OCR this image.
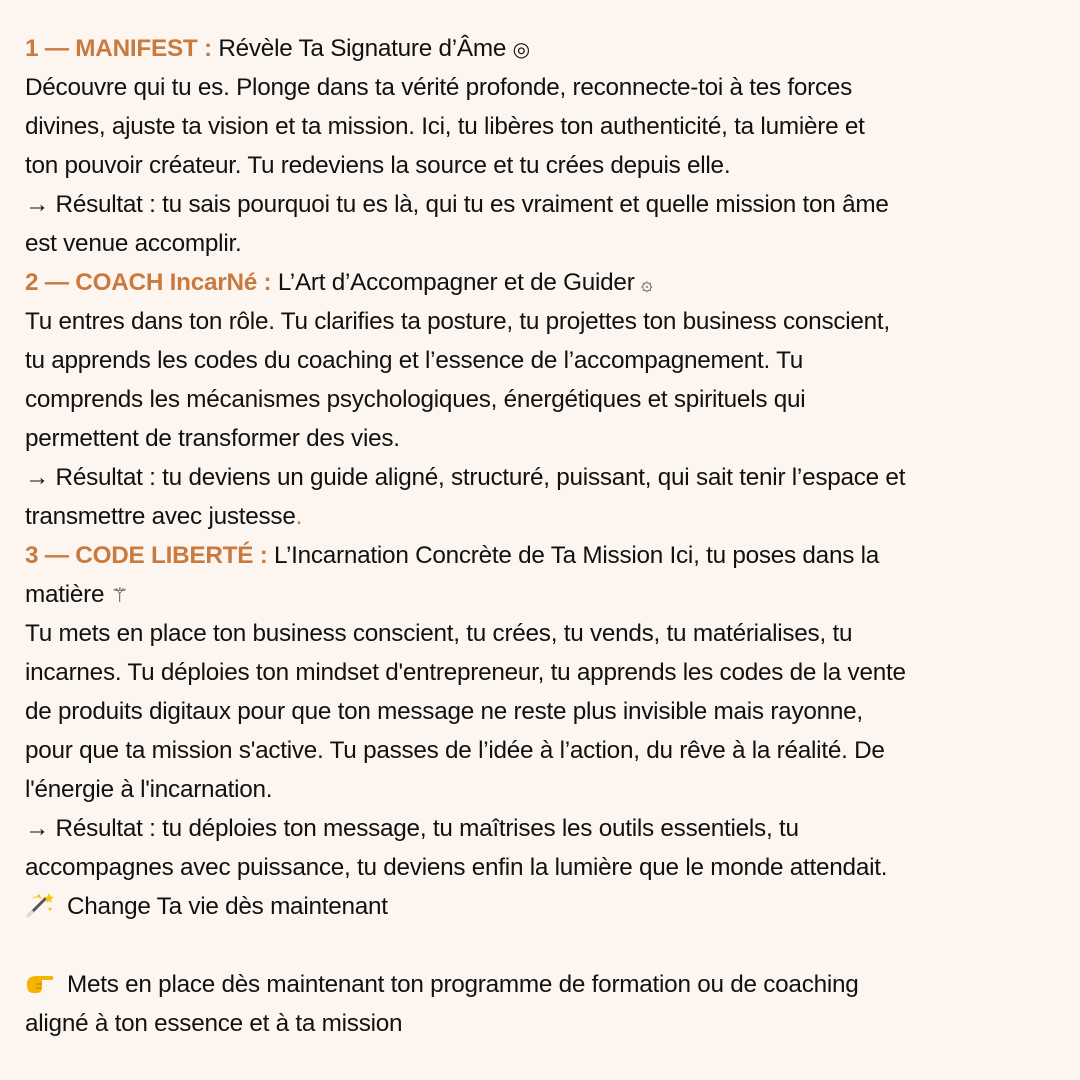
1 — MANIFEST : Révèle Ta Signature d’Âme ◎
Découvre qui tu es. Plonge dans ta vérité profonde, reconnecte-toi à tes forces
divines, ajuste ta vision et ta mission. Ici, tu libères ton authenticité, ta lumière et
ton pouvoir créateur. Tu redeviens la source et tu crées depuis elle.
→ Résultat : tu sais pourquoi tu es là, qui tu es vraiment et quelle mission ton âme
est venue accomplir.
2 — COACH IncarNé : L’Art d’Accompagner et de Guider ۞
Tu entres dans ton rôle. Tu clarifies ta posture, tu projettes ton business conscient,
tu apprends les codes du coaching et l’essence de l’accompagnement. Tu
comprends les mécanismes psychologiques, énergétiques et spirituels qui
permettent de transformer des vies.
→ Résultat : tu deviens un guide aligné, structuré, puissant, qui sait tenir l’espace et
transmettre avec justesse.
3 — CODE LIBERTÉ : L’Incarnation Concrète de Ta Mission Ici, tu poses dans la
matière ⚚
Tu mets en place ton business conscient, tu crées, tu vends, tu matérialises, tu
incarnes. Tu déploies ton mindset d'entrepreneur, tu apprends les codes de la vente
de produits digitaux pour que ton message ne reste plus invisible mais rayonne,
pour que ta mission s'active. Tu passes de l’idée à l’action, du rêve à la réalité. De
l'énergie à l'incarnation.
→ Résultat : tu déploies ton message, tu maîtrises les outils essentiels, tu
accompagnes avec puissance, tu deviens enfin la lumière que le monde attendait.
Change Ta vie dès maintenant
Mets en place dès maintenant ton programme de formation ou de coaching
aligné à ton essence et à ta mission
